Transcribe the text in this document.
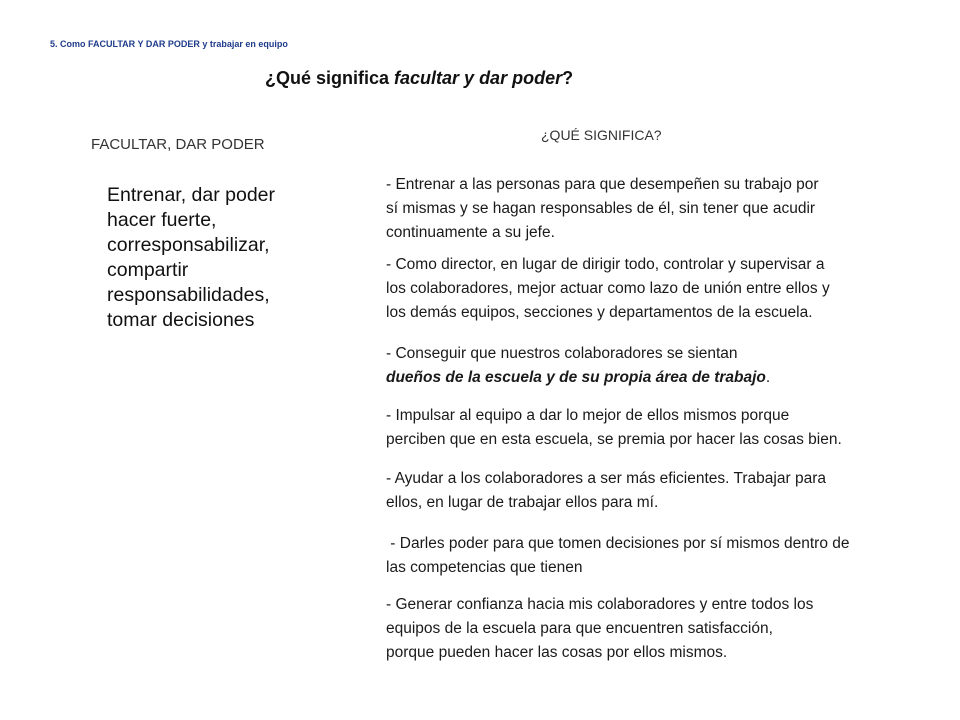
5. Como FACULTAR Y DAR PODER y trabajar en equipo
¿Qué significa facultar y dar poder?
FACULTAR, DAR PODER
¿QUÉ SIGNIFICA?
Entrenar, dar poder
hacer fuerte,
corresponsabilizar,
compartir
responsabilidades,
tomar decisiones
- Entrenar a las personas para que desempeñen su trabajo por
sí mismas y se hagan responsables de él, sin tener que acudir
continuamente a su jefe.
- Como director, en lugar de dirigir todo, controlar y supervisar a
los colaboradores, mejor actuar como lazo de unión entre ellos y
los demás equipos, secciones y departamentos de la escuela.
- Conseguir que nuestros colaboradores se sientan
dueños de la escuela y de su propia área de trabajo.
- Impulsar al equipo a dar lo mejor de ellos mismos porque
perciben que en esta escuela, se premia por hacer las cosas bien.
- Ayudar a los colaboradores a ser más eficientes. Trabajar para
ellos, en lugar de trabajar ellos para mí.
- Darles poder para que tomen decisiones por sí mismos dentro de
las competencias que tienen
- Generar confianza hacia mis colaboradores y entre todos los
equipos de la escuela para que encuentren satisfacción,
porque pueden hacer las cosas por ellos mismos.
